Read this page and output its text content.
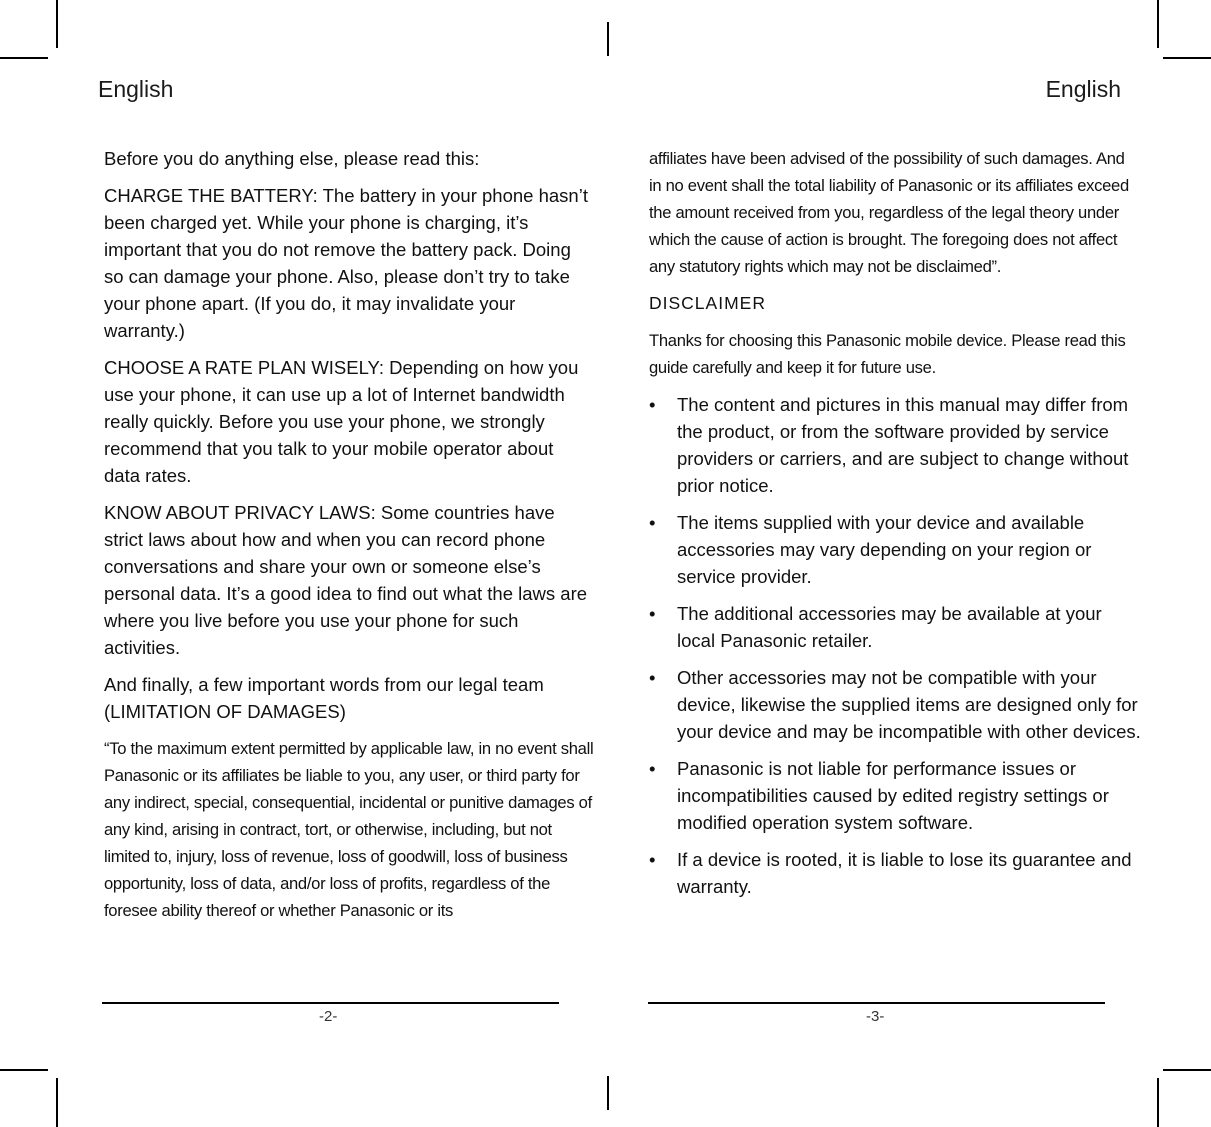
English	English

Before you do anything else, please read this:

CHARGE THE BATTERY: The battery in your phone hasn’t been charged yet. While your phone is charging, it’s important that you do not remove the battery pack. Doing so can damage your phone. Also, please don’t try to take your phone apart. (If you do, it may invalidate your warranty.)

CHOOSE A RATE PLAN WISELY: Depending on how you use your phone, it can use up a lot of Internet bandwidth really quickly. Before you use your phone, we strongly recommend that you talk to your mobile operator about data rates.

KNOW ABOUT PRIVACY LAWS: Some countries have strict laws about how and when you can record phone conversations and share your own or someone else’s personal data. It’s a good idea to find out what the laws are where you live before you use your phone for such activities.

And finally, a few important words from our legal team (LIMITATION OF DAMAGES)

“To the maximum extent permitted by applicable law, in no event shall Panasonic or its affiliates be liable to you, any user, or third party for any indirect, special, consequential, incidental or punitive damages of any kind, arising in contract, tort, or otherwise, including, but not limited to, injury, loss of revenue, loss of goodwill, loss of business opportunity, loss of data, and/or loss of profits, regardless of the foresee ability thereof or whether Panasonic or its

affiliates have been advised of the possibility of such damages. And in no event shall the total liability of Panasonic or its affiliates exceed the amount received from you, regardless of the legal theory under which the cause of action is brought. The foregoing does not affect any statutory rights which may not be disclaimed”.

DISCLAIMER

Thanks for choosing this Panasonic mobile device. Please read this guide carefully and keep it for future use.

• The content and pictures in this manual may differ from the product, or from the software provided by service providers or carriers, and are subject to change without prior notice.
• The items supplied with your device and available accessories may vary depending on your region or service provider.
• The additional accessories may be available at your local Panasonic retailer.
• Other accessories may not be compatible with your device, likewise the supplied items are designed only for your device and may be incompatible with other devices.
• Panasonic is not liable for performance issues or incompatibilities caused by edited registry settings or modified operation system software.
• If a device is rooted, it is liable to lose its guarantee and warranty.
-2-	-3-
